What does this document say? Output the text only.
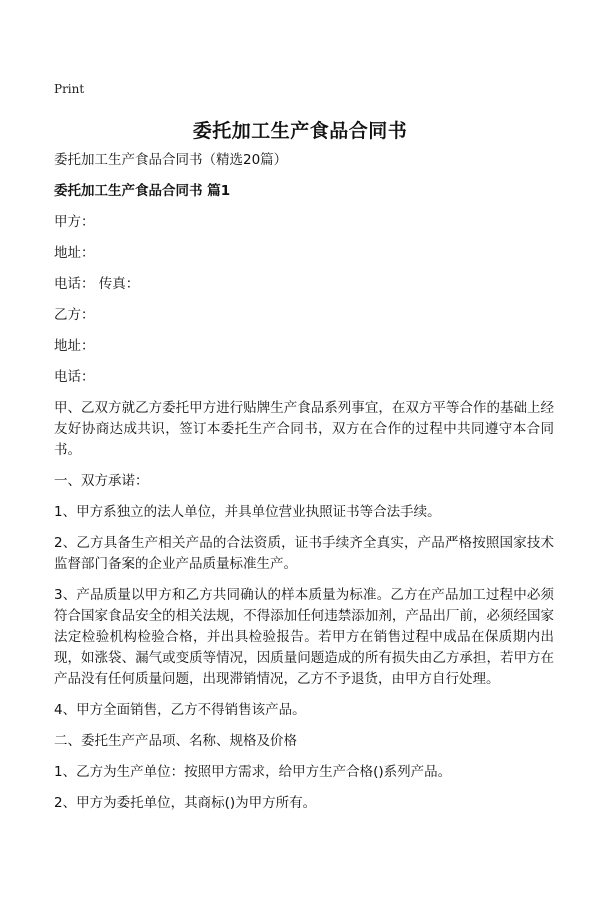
Print
委托加工生产食品合同书

委托加工生产食品合同书（精选20篇）

委托加工生产食品合同书 篇1

甲方：

地址：

电话： 传真：

乙方：

地址：

电话：

甲、乙双方就乙方委托甲方进行贴牌生产食品系列事宜，在双方平等合作的基础上经友好协商达成共识，签订本委托生产合同书，双方在合作的过程中共同遵守本合同书。

一、双方承诺：

1、甲方系独立的法人单位，并具单位营业执照证书等合法手续。

2、乙方具备生产相关产品的合法资质，证书手续齐全真实，产品严格按照国家技术监督部门备案的企业产品质量标准生产。

3、产品质量以甲方和乙方共同确认的样本质量为标准。乙方在产品加工过程中必须符合国家食品安全的相关法规，不得添加任何违禁添加剂，产品出厂前，必须经国家法定检验机构检验合格，并出具检验报告。若甲方在销售过程中成品在保质期内出现，如涨袋、漏气或变质等情况，因质量问题造成的所有损失由乙方承担，若甲方在产品没有任何质量问题，出现滞销情况，乙方不予退货，由甲方自行处理。

4、甲方全面销售，乙方不得销售该产品。

二、委托生产产品项、名称、规格及价格

1、乙方为生产单位：按照甲方需求，给甲方生产合格()系列产品。

2、甲方为委托单位，其商标()为甲方所有。
